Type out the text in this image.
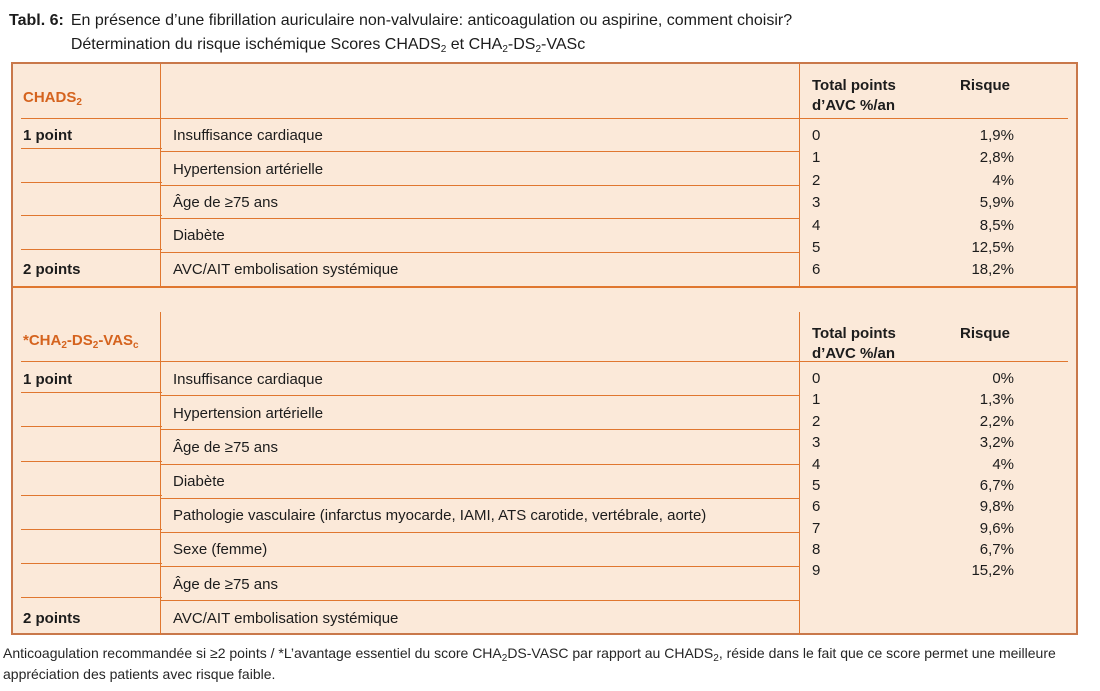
Tabl. 6: En présence d’une fibrillation auriculaire non-valvulaire: anticoagulation ou aspirine, comment choisir?
Détermination du risque ischémique Scores $CHADS_2$ et $CHA_2-DS_2$-VASc
$CHADS_2$
1 point	Insuffisance cardiaque
Hypertension artérielle
Âge de ≥75 ans
Diabète
2 points	AVC/AIT embolisation systémique
Total points
d’AVC %/an
Risque
0	1,9%
1	2,8%
2	4%
3	5,9%
4	8,5%
5	12,5%
6	18,2%
$*CHA_2-DS_2-VAS_c$
1 point	Insuffisance cardiaque
Hypertension artérielle
Âge de ≥75 ans
Diabète
Pathologie vasculaire (infarctus myocarde, IAMI, ATS carotide, vertébrale, aorte)
Sexe (femme)
Âge de ≥75 ans
2 points	AVC/AIT embolisation systémique
Total points
d’AVC %/an
Risque
0	0%
1	1,3%
2	2,2%
3	3,2%
4	4%
5	6,7%
6	9,8%
7	9,6%
8	6,7%
9	15,2%
Anticoagulation recommandée si ≥2 points / *L’avantage essentiel du score $CHA_2DS$-VASC par rapport au $CHADS_2$, réside dans le fait que ce score permet une meilleure appréciation des patients avec risque faible.
